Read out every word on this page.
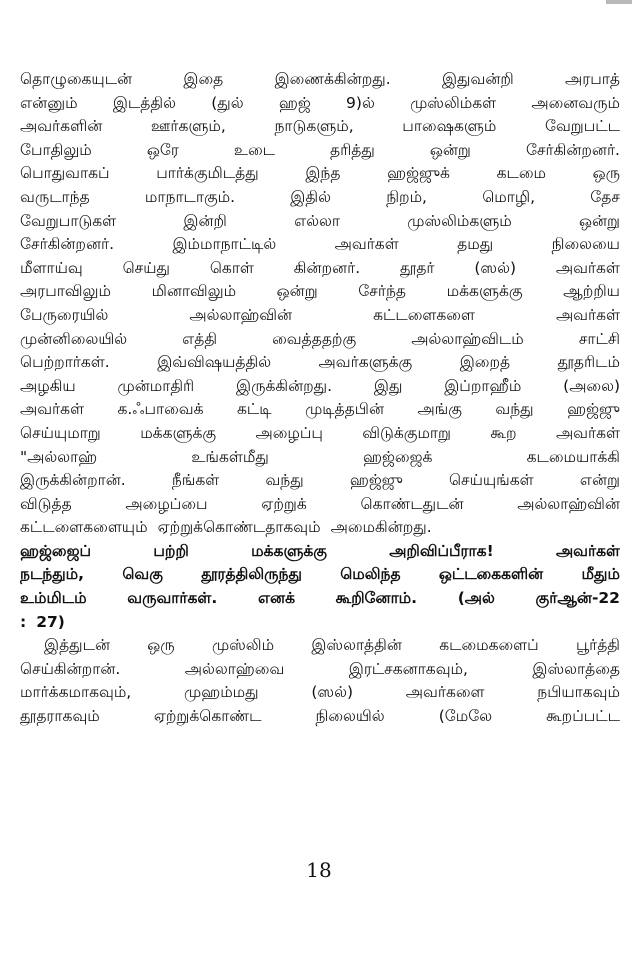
தொழுகையுடன்	இதை	இணைக்கின்றது.	இதுவன்றி	அரபாத்
என்னும் இடத்தில் (துல் ஹஜ் 9)ல் முஸ்லிம்கள் அனைவரும்
அவர்களின்	ஊர்களும்,	நாடுகளும்,	பாஷைகளும்	வேறுபட்ட
போதிலும்	ஒரே	உடை	தரித்து	ஒன்று	சேர்கின்றனர்.
பொதுவாகப்	பார்க்குமிடத்து	இந்த	ஹஜ்ஜுக்	கடமை	ஒரு
வருடாந்த	மாநாடாகும்.	இதில்	நிறம்,	மொழி,	தேச
வேறுபாடுகள்	இன்றி	எல்லா	முஸ்லிம்களும்	ஒன்று
சேர்கின்றனர்.	இம்மாநாட்டில்	அவர்கள்	தமது	நிலையை
மீளாய்வு	செய்து	கொள்	கின்றனர்.	தூதர்	(ஸல்)	அவர்கள்
அரபாவிலும்	மினாவிலும்	ஒன்று	சேர்ந்த	மக்களுக்கு	ஆற்றிய
பேருரையில்	அல்லாஹ்வின்	கட்டளைகளை	அவர்கள்
முன்னிலையில்	எத்தி	வைத்ததற்கு	அல்லாஹ்விடம்	சாட்சி
பெற்றார்கள்.	இவ்விஷயத்தில்	அவர்களுக்கு	இறைத்	தூதரிடம்
அழகிய	முன்மாதிரி	இருக்கின்றது.	இது	இப்றாஹீம்	(அலை)
அவர்கள் க.ஃபாவைக் கட்டி முடித்தபின் அங்கு வந்து ஹஜ்ஜு
செய்யுமாறு	மக்களுக்கு	அழைப்பு	விடுக்குமாறு	கூற	அவர்கள்
"அல்லாஹ்	உங்கள்மீது	ஹஜ்ஜைக்	கடமையாக்கி
இருக்கின்றான்.	நீங்கள்	வந்து	ஹஜ்ஜு	செய்யுங்கள்	என்று
விடுத்த	அழைப்பை	ஏற்றுக்	கொண்டதுடன்	அல்லாஹ்வின்
கட்டளைகளையும் ஏற்றுக்கொண்டதாகவும் அமைகின்றது.
ஹஜ்ஜைப்	பற்றி	மக்களுக்கு	அறிவிப்பீராக!	அவர்கள்
நடந்தும், வெகு தூரத்திலிருந்து மெலிந்த ஒட்டகைகளின் மீதும்
உம்மிடம்	வருவார்கள்.	எனக்	கூறினோம்.	(அல்	குர்ஆன்-22
: 27)
இத்துடன் ஒரு முஸ்லிம் இஸ்லாத்தின் கடமைகளைப் பூர்த்தி
செய்கின்றான்.	அல்லாஹ்வை	இரட்சகனாகவும்,	இஸ்லாத்தை
மார்க்கமாகவும்,	முஹம்மது	(ஸல்)	அவர்களை	நபியாகவும்
தூதராகவும்	ஏற்றுக்கொண்ட	நிலையில்	(மேலே	கூறப்பட்ட
18
